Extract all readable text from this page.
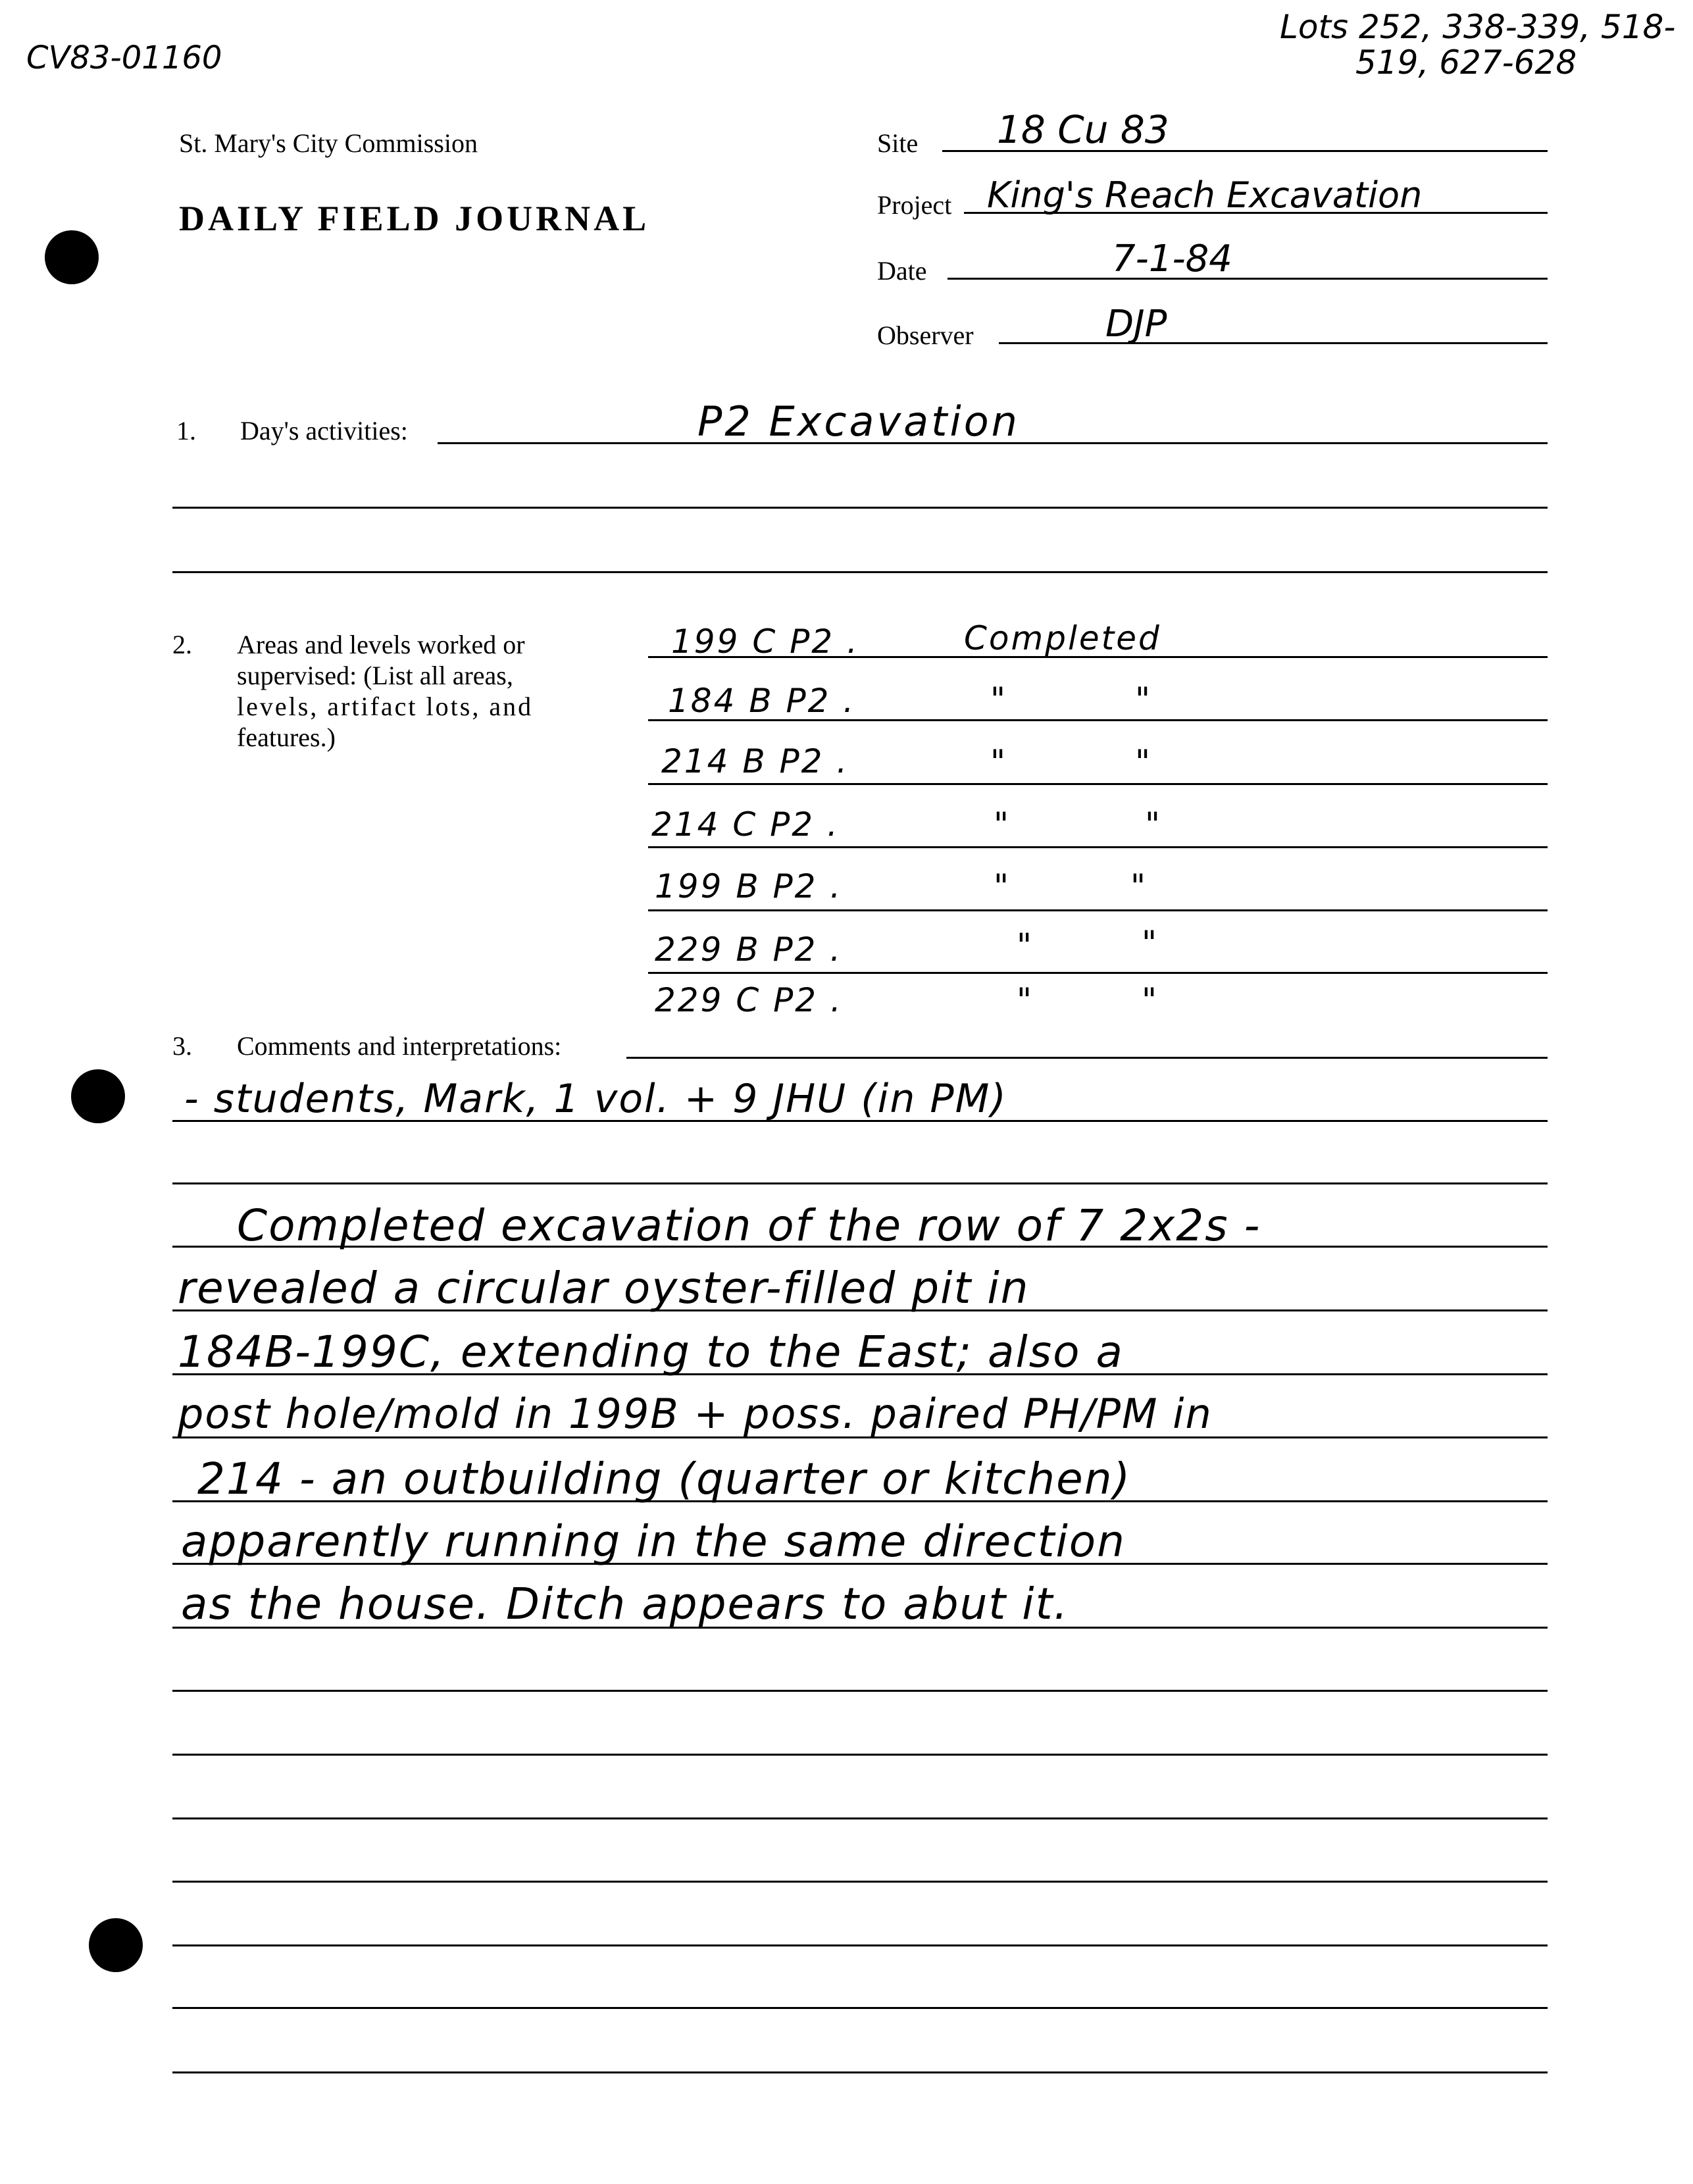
CV83-01160
Lots 252, 338-339, 518-
519, 627-628
St. Mary's City Commission
DAILY FIELD JOURNAL
Site 18 Cu 83
Project King's Reach Excavation
Date	7-1-84
Observer	DJP
1. Day's activities:	P2 Excavation
2. Areas and levels worked or
supervised: (List all areas,
levels, artifact lots, and
features.)
199 C P2 .	Completed
184 B P2 .	"	"
214 B P2 .	"	"
214 C P2 .	"	"
199 B P2 .	"	"
229 B P2 .	"	"
229 C P2 .	"	"
3. Comments and interpretations:
- students, Mark, 1 vol. + 9 JHU (in PM)
Completed excavation of the row of 7 2x2s -
revealed a circular oyster-filled pit in
184B-199C, extending to the East; also a
post hole/mold in 199B + poss. paired PH/PM in
214 - an outbuilding (quarter or kitchen)
apparently running in the same direction
as the house. Ditch appears to abut it.
